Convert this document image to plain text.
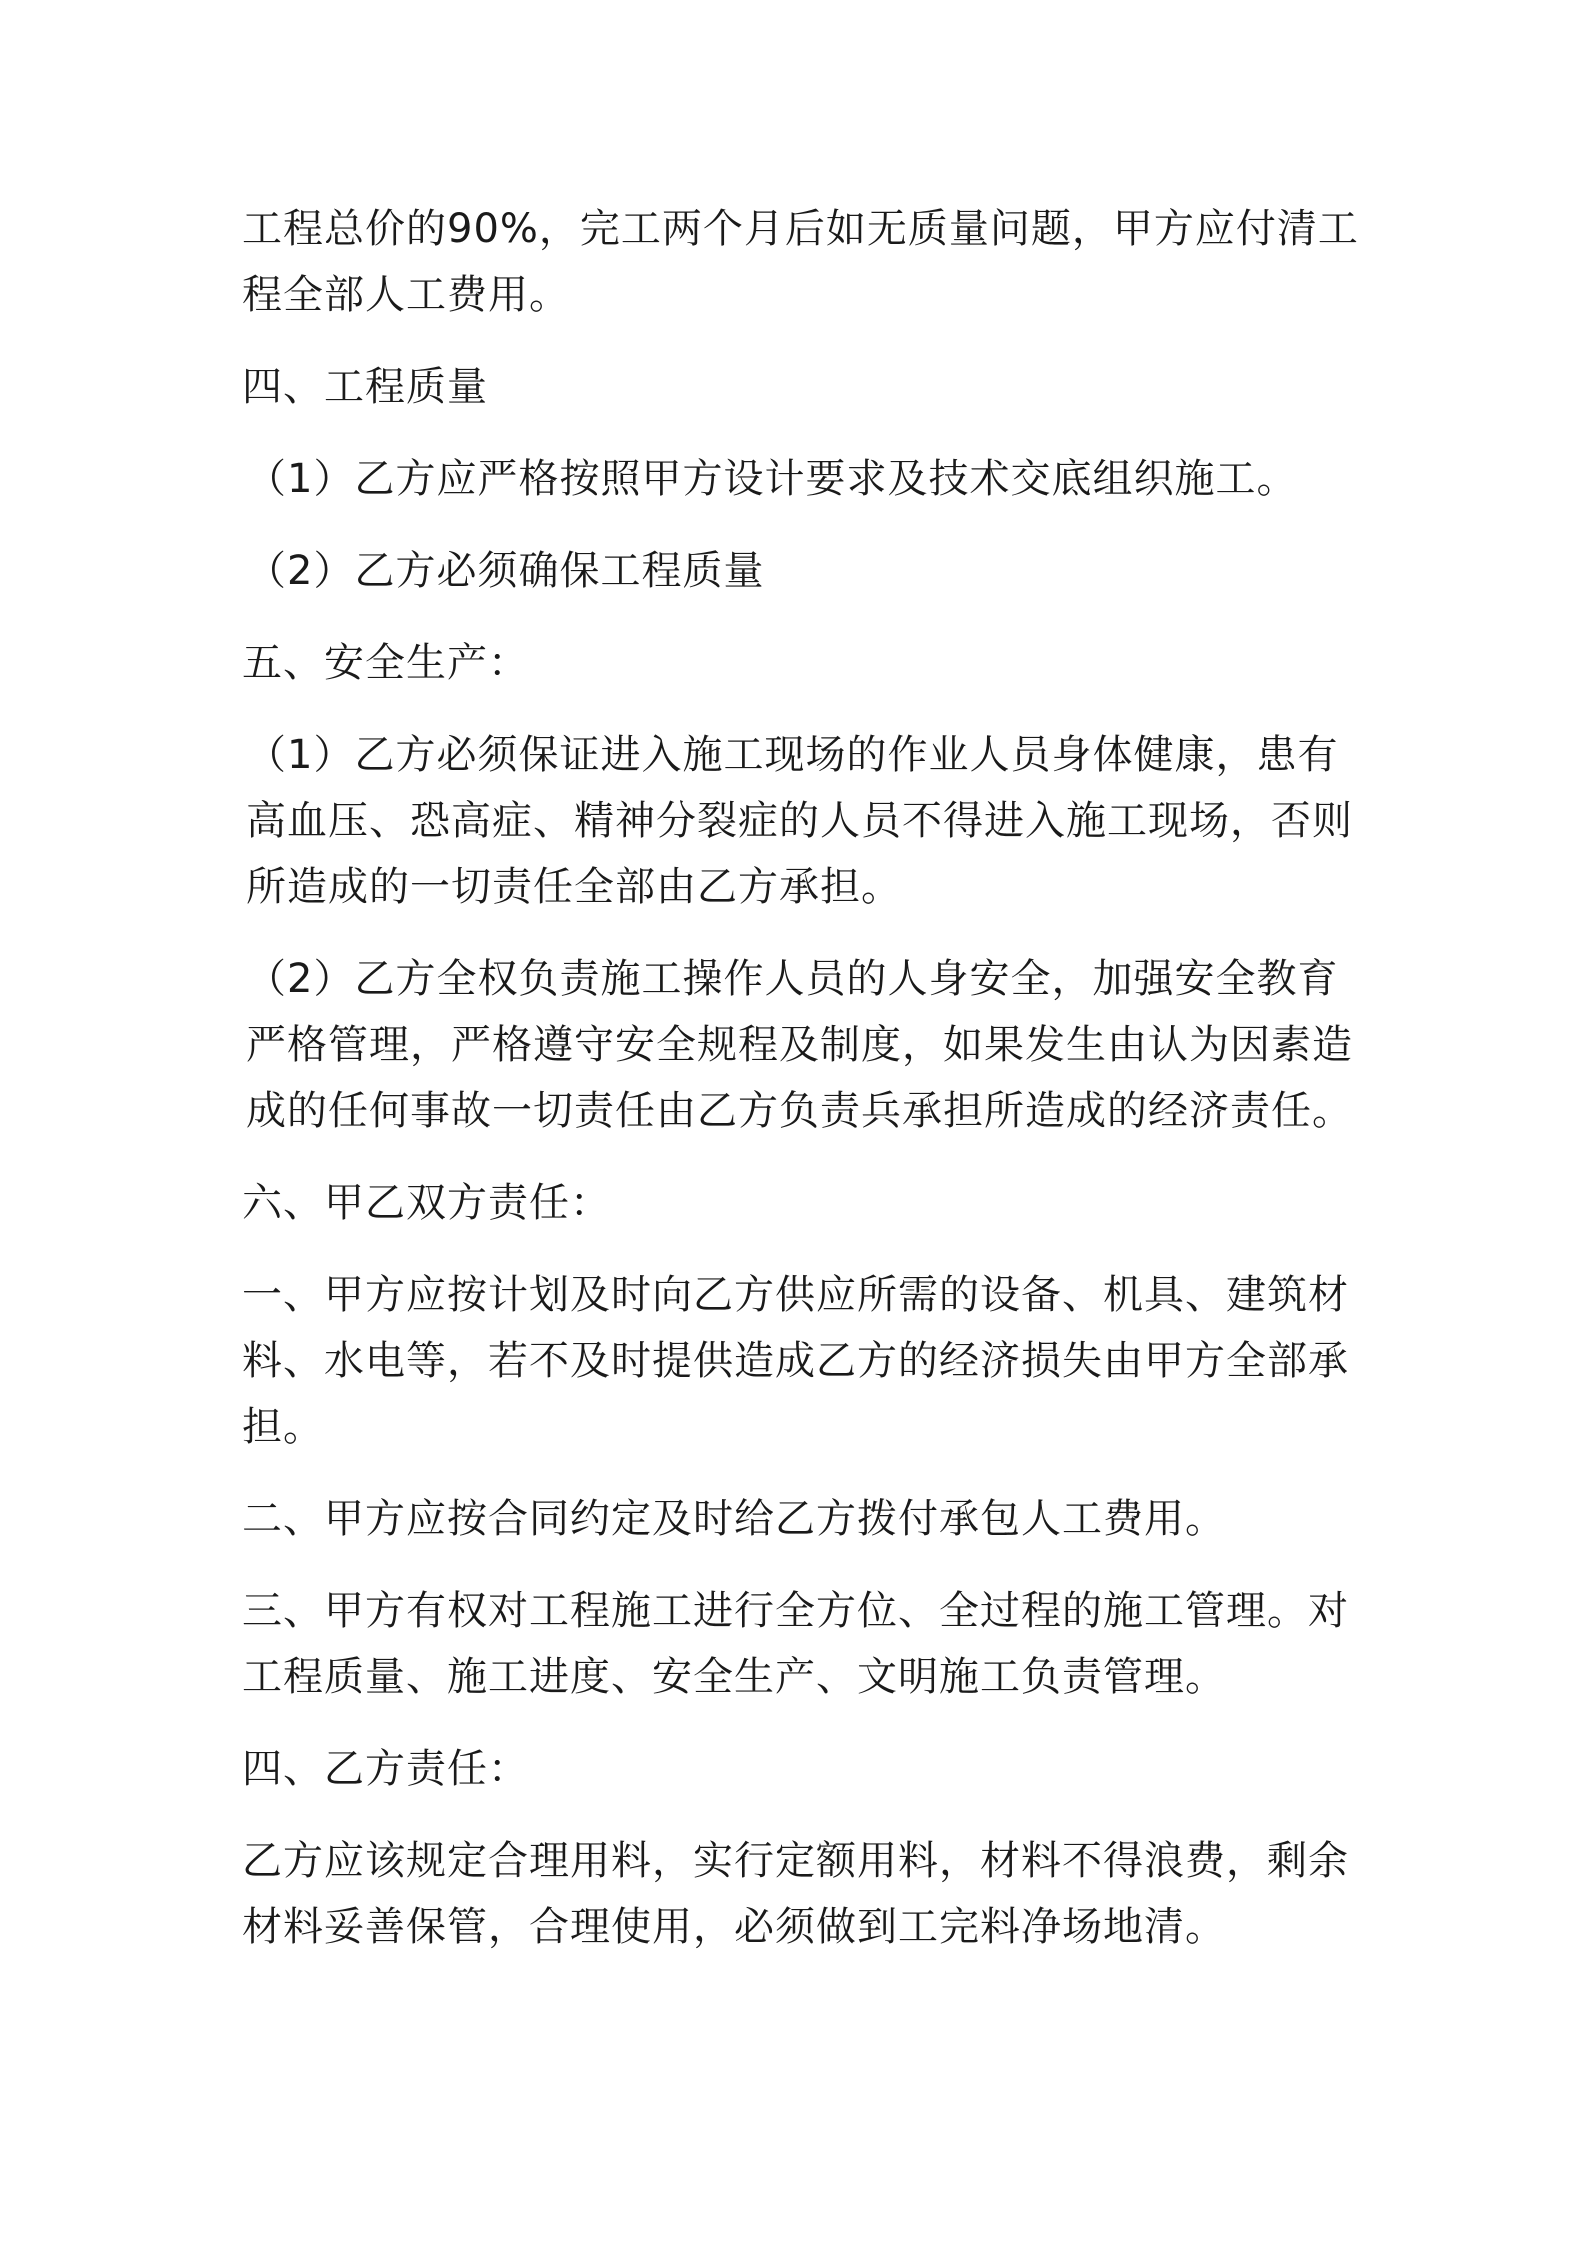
工程总价的90%，完工两个月后如无质量问题，甲方应付清工程全部人工费用。

四、工程质量

（1）乙方应严格按照甲方设计要求及技术交底组织施工。

（2）乙方必须确保工程质量

五、安全生产：

（1）乙方必须保证进入施工现场的作业人员身体健康，患有高血压、恐高症、精神分裂症的人员不得进入施工现场，否则所造成的一切责任全部由乙方承担。

（2）乙方全权负责施工操作人员的人身安全，加强安全教育严格管理，严格遵守安全规程及制度，如果发生由认为因素造成的任何事故一切责任由乙方负责兵承担所造成的经济责任。

六、甲乙双方责任：

一、甲方应按计划及时向乙方供应所需的设备、机具、建筑材料、水电等，若不及时提供造成乙方的经济损失由甲方全部承担。

二、甲方应按合同约定及时给乙方拨付承包人工费用。

三、甲方有权对工程施工进行全方位、全过程的施工管理。对工程质量、施工进度、安全生产、文明施工负责管理。

四、乙方责任：

乙方应该规定合理用料，实行定额用料，材料不得浪费，剩余材料妥善保管，合理使用，必须做到工完料净场地清。
